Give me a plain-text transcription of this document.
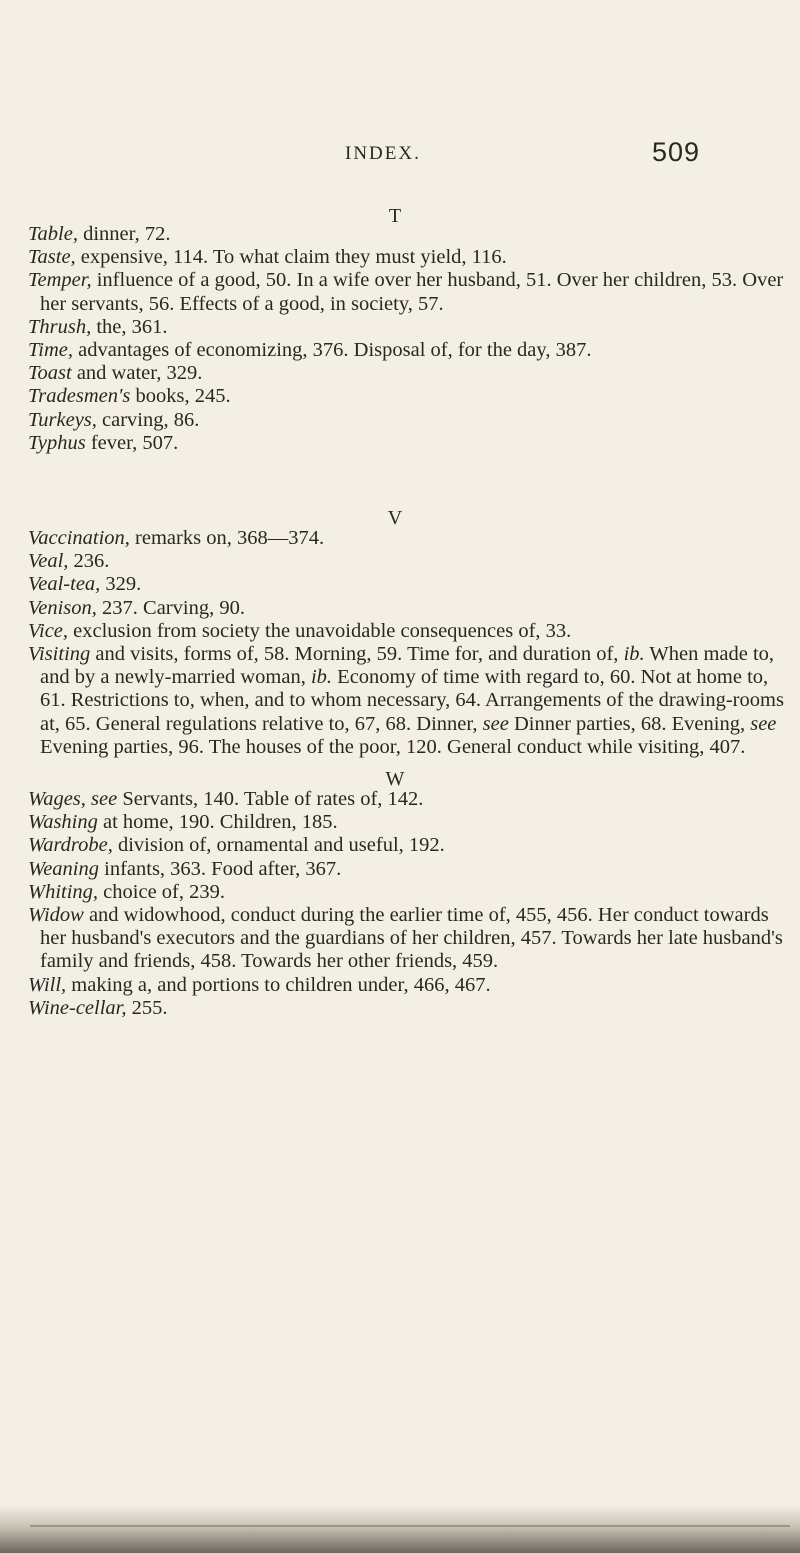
INDEX.	509
T

Table, dinner, 72.

Taste, expensive, 114. To what claim they must yield, 116.

Temper, influence of a good, 50. In a wife over her husband, 51. Over her children, 53. Over her servants, 56. Effects of a good, in society, 57.

Thrush, the, 361.

Time, advantages of economizing, 376. Disposal of, for the day, 387.

Toast and water, 329.

Tradesmen's books, 245.

Turkeys, carving, 86.

Typhus fever, 507.

V

Vaccination, remarks on, 368—374.

Veal, 236.

Veal-tea, 329.

Venison, 237. Carving, 90.

Vice, exclusion from society the unavoidable consequences of, 33.

Visiting and visits, forms of, 58. Morning, 59. Time for, and duration of, ib. When made to, and by a newly-married woman, ib. Economy of time with regard to, 60. Not at home to, 61. Restrictions to, when, and to whom necessary, 64. Arrangements of the drawing-rooms at, 65. General regulations relative to, 67, 68. Dinner, see Dinner parties, 68. Evening, see Evening parties, 96. The houses of the poor, 120. General conduct while visiting, 407.

W

Wages, see Servants, 140. Table of rates of, 142.

Washing at home, 190. Children, 185.

Wardrobe, division of, ornamental and useful, 192.

Weaning infants, 363. Food after, 367.

Whiting, choice of, 239.

Widow and widowhood, conduct during the earlier time of, 455, 456. Her conduct towards her husband's executors and the guardians of her children, 457. Towards her late husband's family and friends, 458. Towards her other friends, 459.

Will, making a, and portions to children under, 466, 467.

Wine-cellar, 255.
